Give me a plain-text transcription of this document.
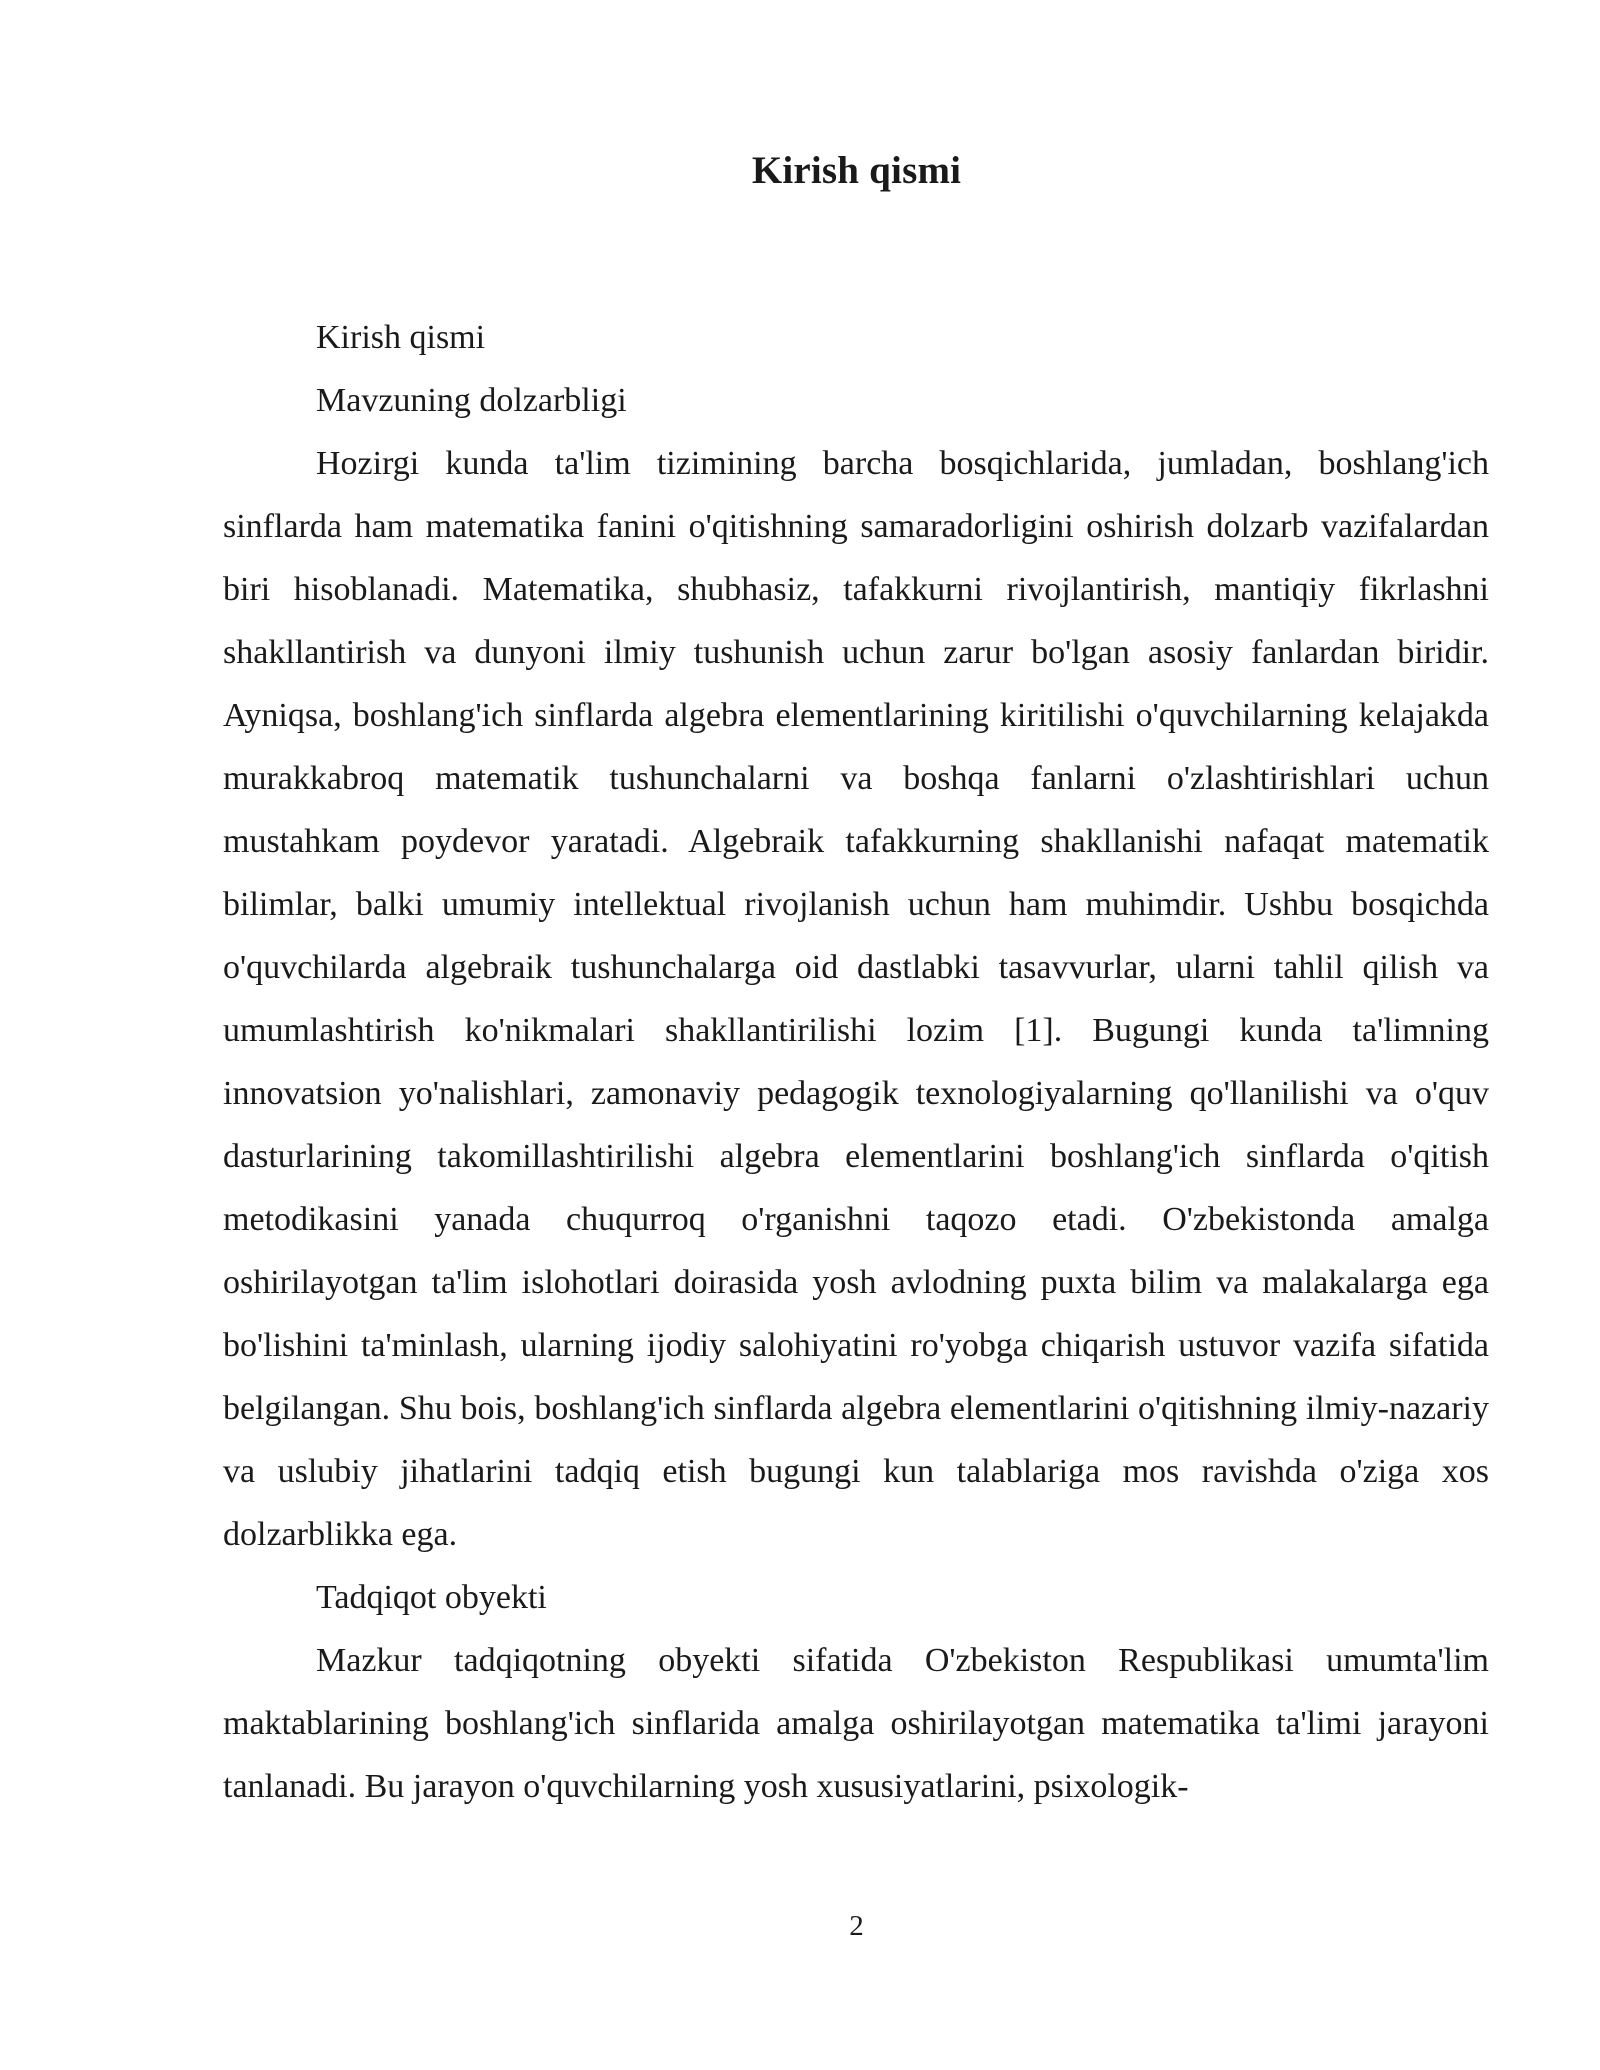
Kirish qismi

Kirish qismi

Mavzuning dolzarbligi

Hozirgi kunda ta'lim tizimining barcha bosqichlarida, jumladan, boshlang'ich sinflarda ham matematika fanini o'qitishning samaradorligini oshirish dolzarb vazifalardan biri hisoblanadi. Matematika, shubhasiz, tafakkurni rivojlantirish, mantiqiy fikrlashni shakllantirish va dunyoni ilmiy tushunish uchun zarur bo'lgan asosiy fanlardan biridir. Ayniqsa, boshlang'ich sinflarda algebra elementlarining kiritilishi o'quvchilarning kelajakda murakkabroq matematik tushunchalarni va boshqa fanlarni o'zlashtirishlari uchun mustahkam poydevor yaratadi. Algebraik tafakkurning shakllanishi nafaqat matematik bilimlar, balki umumiy intellektual rivojlanish uchun ham muhimdir. Ushbu bosqichda o'quvchilarda algebraik tushunchalarga oid dastlabki tasavvurlar, ularni tahlil qilish va umumlashtirish ko'nikmalari shakllantirilishi lozim [1]. Bugungi kunda ta'limning innovatsion yo'nalishlari, zamonaviy pedagogik texnologiyalarning qo'llanilishi va o'quv dasturlarining takomillashtirilishi algebra elementlarini boshlang'ich sinflarda o'qitish metodikasini yanada chuqurroq o'rganishni taqozo etadi. O'zbekistonda amalga oshirilayotgan ta'lim islohotlari doirasida yosh avlodning puxta bilim va malakalarga ega bo'lishini ta'minlash, ularning ijodiy salohiyatini ro'yobga chiqarish ustuvor vazifa sifatida belgilangan. Shu bois, boshlang'ich sinflarda algebra elementlarini o'qitishning ilmiy-nazariy va uslubiy jihatlarini tadqiq etish bugungi kun talablariga mos ravishda o'ziga xos dolzarblikka ega.

Tadqiqot obyekti

Mazkur tadqiqotning obyekti sifatida O'zbekiston Respublikasi umumta'lim maktablarining boshlang'ich sinflarida amalga oshirilayotgan matematika ta'limi jarayoni tanlanadi. Bu jarayon o'quvchilarning yosh xususiyatlarini, psixologik-

2
